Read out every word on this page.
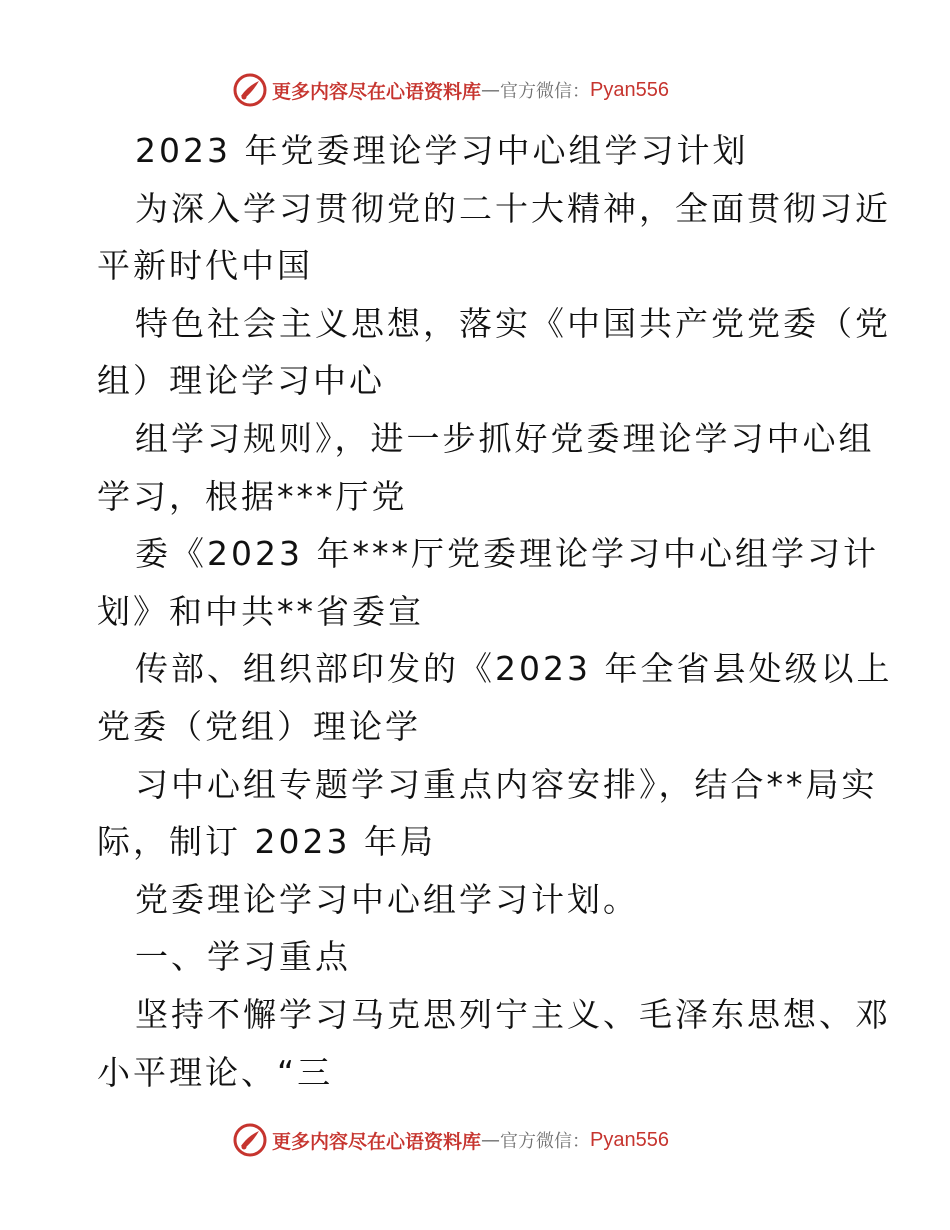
更多内容尽在心语资料库 — 官方微信： Pyan556
2023 年党委理论学习中心组学习计划
为深入学习贯彻党的二十大精神，全面贯彻习近
平新时代中国
特色社会主义思想，落实《中国共产党党委（党
组）理论学习中心
组学习规则》，进一步抓好党委理论学习中心组
学习，根据***厅党
委《2023 年***厅党委理论学习中心组学习计
划》和中共**省委宣
传部、组织部印发的《2023 年全省县处级以上
党委（党组）理论学
习中心组专题学习重点内容安排》，结合**局实
际，制订 2023 年局
党委理论学习中心组学习计划。
一、学习重点
坚持不懈学习马克思列宁主义、毛泽东思想、邓
小平理论、“三
更多内容尽在心语资料库 — 官方微信： Pyan556
